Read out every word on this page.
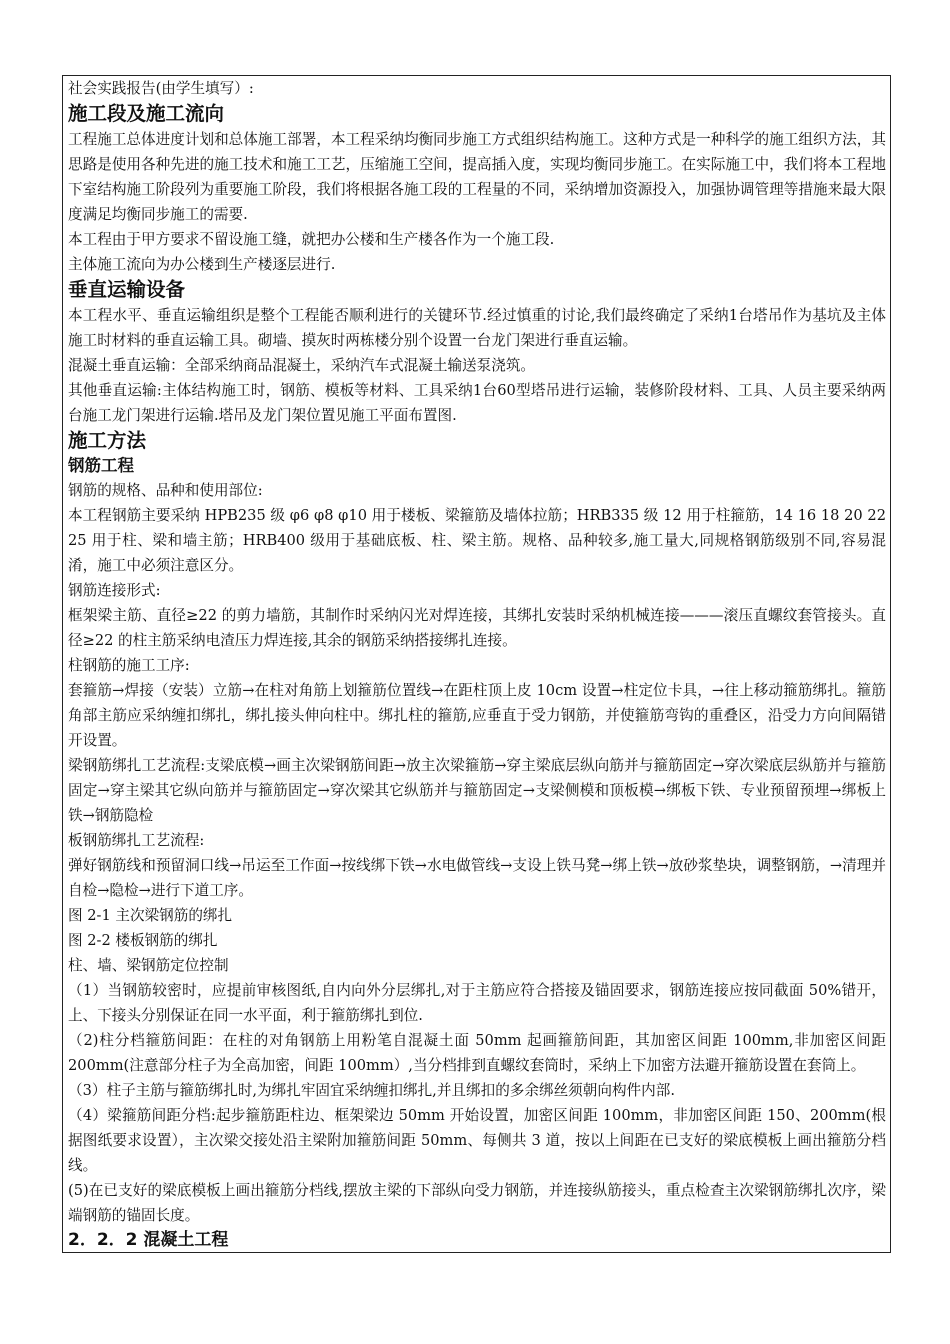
社会实践报告(由学生填写）:

施工段及施工流向

工程施工总体进度计划和总体施工部署，本工程采纳均衡同步施工方式组织结构施工。这种方式是一种科学的施工组织方法，其思路是使用各种先进的施工技术和施工工艺，压缩施工空间，提高插入度，实现均衡同步施工。在实际施工中，我们将本工程地下室结构施工阶段列为重要施工阶段，我们将根据各施工段的工程量的不同，采纳增加资源投入，加强协调管理等措施来最大限度满足均衡同步施工的需要.

本工程由于甲方要求不留设施工缝，就把办公楼和生产楼各作为一个施工段.

主体施工流向为办公楼到生产楼逐层进行.

垂直运输设备

本工程水平、垂直运输组织是整个工程能否顺利进行的关键环节.经过慎重的讨论,我们最终确定了采纳1台塔吊作为基坑及主体施工时材料的垂直运输工具。砌墙、摸灰时两栋楼分别个设置一台龙门架进行垂直运输。

混凝土垂直运输：全部采纳商品混凝土，采纳汽车式混凝土输送泵浇筑。

其他垂直运输:主体结构施工时，钢筋、模板等材料、工具采纳1台60型塔吊进行运输，装修阶段材料、工具、人员主要采纳两台施工龙门架进行运输.塔吊及龙门架位置见施工平面布置图.

施工方法
钢筋工程

钢筋的规格、品种和使用部位:

本工程钢筋主要采纳 HPB235 级 φ6 φ8 φ10 用于楼板、梁箍筋及墙体拉筋；HRB335 级 12 用于柱箍筋，14 16 18 20 22 25 用于柱、梁和墙主筋；HRB400 级用于基础底板、柱、梁主筋。规格、品种较多,施工量大,同规格钢筋级别不同,容易混淆，施工中必须注意区分。

钢筋连接形式:

框架梁主筋、直径≥22 的剪力墙筋，其制作时采纳闪光对焊连接，其绑扎安装时采纳机械连接———滚压直螺纹套管接头。直径≥22 的柱主筋采纳电渣压力焊连接,其余的钢筋采纳搭接绑扎连接。

柱钢筋的施工工序:

套箍筋→焊接（安装）立筋→在柱对角筋上划箍筋位置线→在距柱顶上皮 10cm 设置→柱定位卡具，→往上移动箍筋绑扎。箍筋角部主筋应采纳缠扣绑扎，绑扎接头伸向柱中。绑扎柱的箍筋,应垂直于受力钢筋，并使箍筋弯钩的重叠区，沿受力方向间隔错开设置。

梁钢筋绑扎工艺流程:支梁底模→画主次梁钢筋间距→放主次梁箍筋→穿主梁底层纵向筋并与箍筋固定→穿次梁底层纵筋并与箍筋固定→穿主梁其它纵向筋并与箍筋固定→穿次梁其它纵筋并与箍筋固定→支梁侧模和顶板模→绑板下铁、专业预留预埋→绑板上铁→钢筋隐检

板钢筋绑扎工艺流程:

弹好钢筋线和预留洞口线→吊运至工作面→按线绑下铁→水电做管线→支设上铁马凳→绑上铁→放砂浆垫块，调整钢筋，→清理并自检→隐检→进行下道工序。

图 2-1 主次梁钢筋的绑扎

图 2-2 楼板钢筋的绑扎

柱、墙、梁钢筋定位控制

（1）当钢筋较密时，应提前审核图纸,自内向外分层绑扎,对于主筋应符合搭接及锚固要求，钢筋连接应按同截面 50%错开，上、下接头分别保证在同一水平面，利于箍筋绑扎到位.

（2)柱分档箍筋间距：在柱的对角钢筋上用粉笔自混凝土面 50mm 起画箍筋间距，其加密区间距 100mm,非加密区间距 200mm(注意部分柱子为全高加密，间距 100mm）,当分档排到直螺纹套筒时，采纳上下加密方法避开箍筋设置在套筒上。

（3）柱子主筋与箍筋绑扎时,为绑扎牢固宜采纳缠扣绑扎,并且绑扣的多余绑丝须朝向构件内部.

（4）梁箍筋间距分档:起步箍筋距柱边、框架梁边 50mm 开始设置，加密区间距 100mm，非加密区间距 150、200mm(根据图纸要求设置），主次梁交接处沿主梁附加箍筋间距 50mm、每侧共 3 道，按以上间距在已支好的梁底模板上画出箍筋分档线。

(5)在已支好的梁底模板上画出箍筋分档线,摆放主梁的下部纵向受力钢筋，并连接纵筋接头，重点检查主次梁钢筋绑扎次序，梁端钢筋的锚固长度。

2．2．2 混凝土工程
